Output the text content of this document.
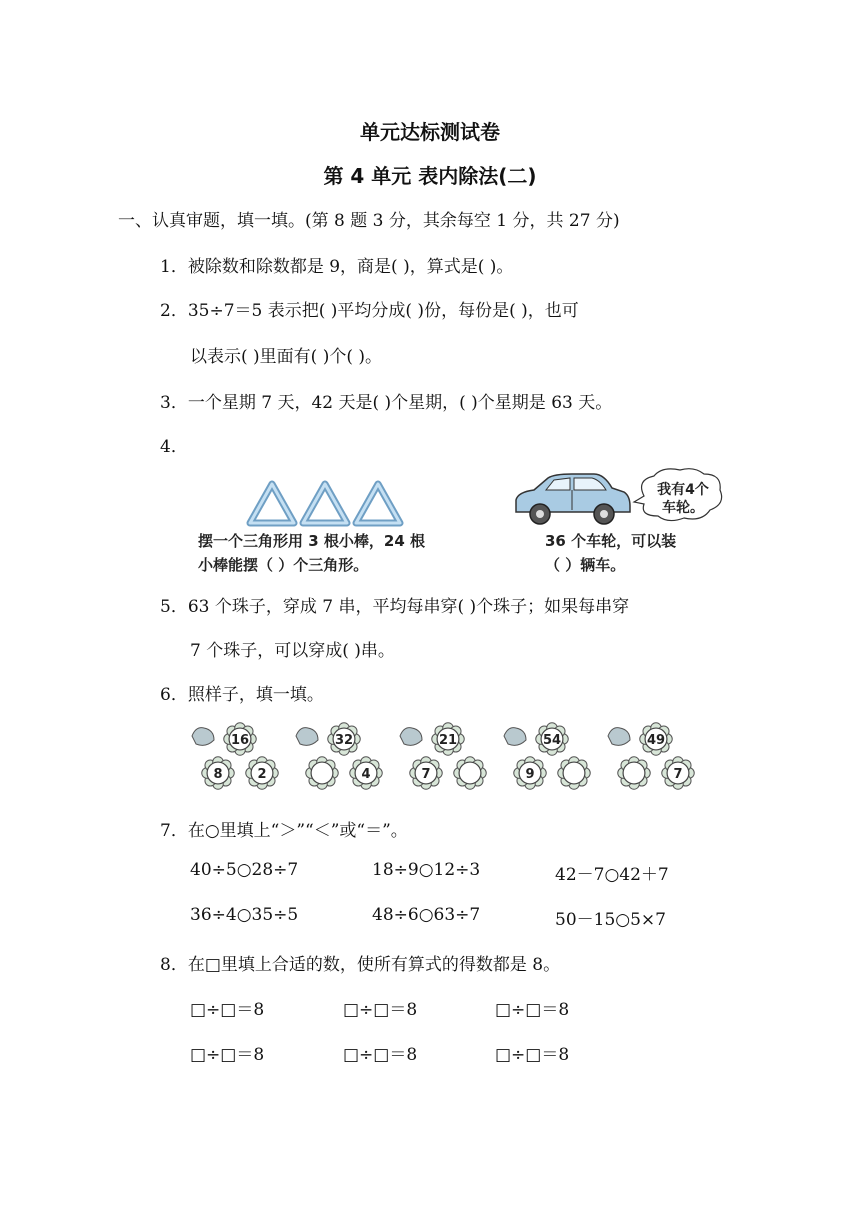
单元达标测试卷
第 4 单元 表内除法(二)
一、认真审题，填一填。(第 8 题 3 分，其余每空 1 分，共 27 分)
1．被除数和除数都是 9，商是( )，算式是( )。
2．35÷7＝5 表示把( )平均分成( )份，每份是( )，也可
以表示( )里面有( )个( )。
3．一个星期 7 天，42 天是( )个星期，( )个星期是 63 天。
4．
摆一个三角形用 3 根小棒，24 根
小棒能摆（ ）个三角形。
我有4个
车轮。
36 个车轮，可以装
（ ）辆车。
5．63 个珠子，穿成 7 串，平均每串穿( )个珠子；如果每串穿
7 个珠子，可以穿成( )串。
6．照样子，填一填。
16
8	2
32
4
21
7
54
9
49
7
7．在○里填上“＞”“＜”或“＝”。
40÷5○28÷7	18÷9○12÷3	42－7○42＋7
36÷4○35÷5	48÷6○63÷7	50－15○5×7
8．在□里填上合适的数，使所有算式的得数都是 8。
□÷□＝8	□÷□＝8	□÷□＝8
□÷□＝8	□÷□＝8	□÷□＝8
